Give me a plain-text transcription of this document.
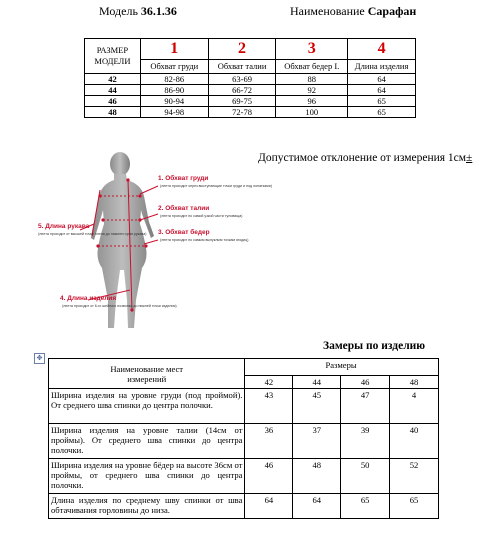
Модель 36.1.36	Наименование Сарафан
РАЗМЕР МОДЕЛИ	1	2	3	4
	Обхват груди	Обхват талии	Обхват бедер I.	Длина изделия
42	82-86	63-69	88	64
44	86-90	66-72	92	64
46	90-94	69-75	96	65
48	94-98	72-78	100	65
Допустимое отклонение от измерения 1см ±
1. Обхват груди
(лента проходит через выступающие точки груди и под лопатками)
2. Обхват талии
(лента проходит по самой узкой части туловища)
3. Обхват бедер
(лента проходит по самым выпуклым точкам ягодиц)
4. Длина изделия
(лента проходит от 6-го шейного позвонка до нижней точки изделия)
5. Длина рукава
(лента проходит от высшей точки плеча до нижнего края рукава)
Замеры по изделию
✥
Наименование мест измерений	Размеры			
	42	44	46	48
Ширина изделия на уровне груди (под проймой). От среднего шва спинки до центра полочки.	43	45	47	4
Ширина изделия на уровне талии (14см от проймы). От среднего шва спинки до центра полочки.	36	37	39	40
Ширина изделия на уровне бёдер на высоте 36см от проймы, от среднего шва спинки до центра полочки.	46	48	50	52
Длина изделия по среднему шву спинки от шва обтачивания горловины до низа.	64	64	65	65
